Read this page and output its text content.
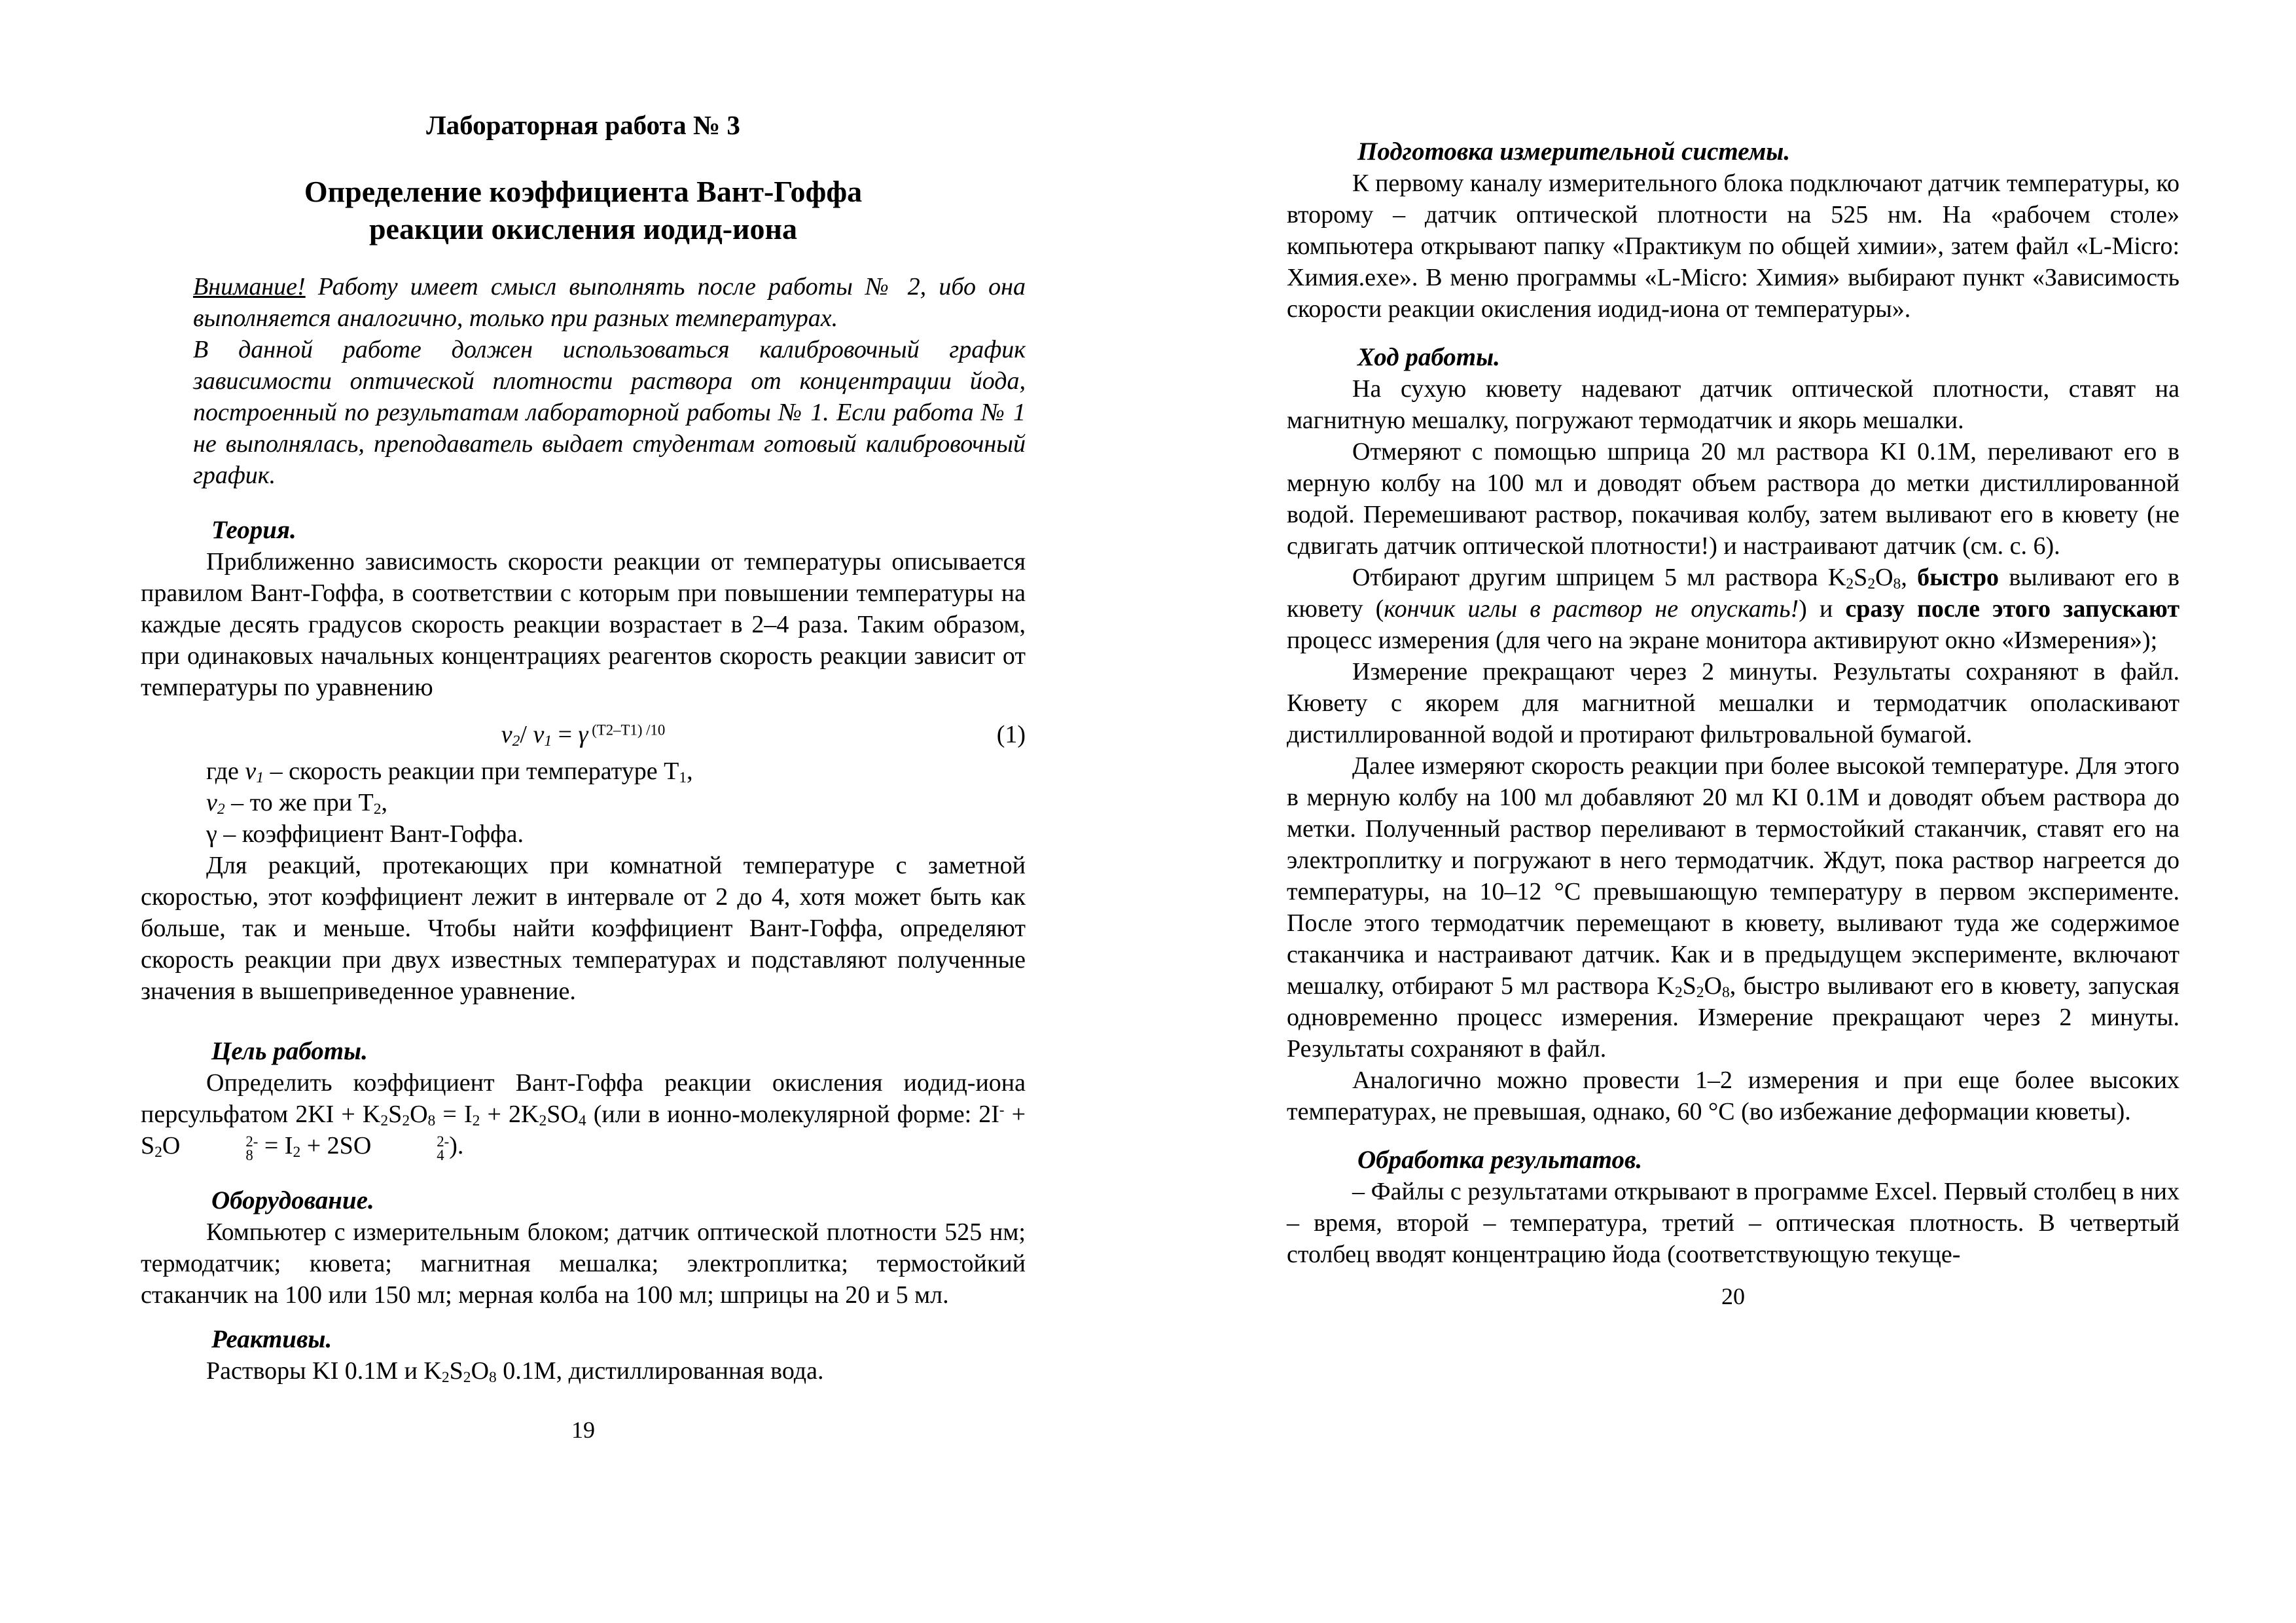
Лабораторная работа № 3
Определение коэффициента Вант-Гоффа
реакции окисления иодид-иона

Внимание! Работу имеет смысл выполнять после работы № 2, ибо она выполняется аналогично, только при разных температурах.

В данной работе должен использоваться калибровочный график зависимости оптической плотности раствора от концентрации йода, построенный по результатам лабораторной работы № 1. Если работа № 1 не выполнялась, преподаватель выдает студентам готовый калибровочный график.

Теория.

Приближенно зависимость скорости реакции от температуры описывается правилом Вант-Гоффа, в соответствии с которым при повышении температуры на каждые десять градусов скорость реакции возрастает в 2–4 раза. Таким образом, при одинаковых начальных концентрациях реагентов скорость реакции зависит от температуры по уравнению

$v_2/$ $v_1 = \gamma$ $^{(T2-T1) /10}$	(1)

где $v_1$ – скорость реакции при температуре $Т_1$,

$v_2$ – то же при $Т_2$,

γ – коэффициент Вант-Гоффа.

Для реакций, протекающих при комнатной температуре с заметной скоростью, этот коэффициент лежит в интервале от 2 до 4, хотя может быть как больше, так и меньше. Чтобы найти коэффициент Вант-Гоффа, определяют скорость реакции при двух известных температурах и подставляют полученные значения в вышеприведенное уравнение.

Цель работы.

Определить коэффициент Вант-Гоффа реакции окисления иодид-иона персульфатом $2KI + K_2S_2O_8 = I_2 + 2K_2SO_4$ (или в ионно-молекулярной форме: $2I^- + S_2O$	2-
$8 = I_2 + 2SO$	2-
4 ).

Оборудование.

Компьютер с измерительным блоком; датчик оптической плотности 525 нм; термодатчик; кювета; магнитная мешалка; электроплитка; термостойкий стаканчик на 100 или 150 мл; мерная колба на 100 мл; шприцы на 20 и 5 мл.

Реактивы.

Растворы KI 0.1M и $K_2S_2O_8$ 0.1M, дистиллированная вода.

19
Подготовка измерительной системы.

К первому каналу измерительного блока подключают датчик температуры, ко второму – датчик оптической плотности на 525 нм. На «рабочем столе» компьютера открывают папку «Практикум по общей химии», затем файл «L-Micro: Химия.exe». В меню программы «L-Micro: Химия» выбирают пункт «Зависимость скорости реакции окисления иодид-иона от температуры».

Ход работы.

На сухую кювету надевают датчик оптической плотности, ставят на магнитную мешалку, погружают термодатчик и якорь мешалки.

Отмеряют с помощью шприца 20 мл раствора KI 0.1М, переливают его в мерную колбу на 100 мл и доводят объем раствора до метки дистиллированной водой. Перемешивают раствор, покачивая колбу, затем выливают его в кювету (не сдвигать датчик оптической плотности!) и настраивают датчик (см. с. 6).

Отбирают другим шприцем 5 мл раствора $K_2S_2O_8$, быстро выливают его в кювету (кончик иглы в раствор не опускать!) и сразу после этого запускают процесс измерения (для чего на экране монитора активируют окно «Измерения»);

Измерение прекращают через 2 минуты. Результаты сохраняют в файл. Кювету с якорем для магнитной мешалки и термодатчик ополаскивают дистиллированной водой и протирают фильтровальной бумагой.

Далее измеряют скорость реакции при более высокой температуре. Для этого в мерную колбу на 100 мл добавляют 20 мл KI 0.1М и доводят объем раствора до метки. Полученный раствор переливают в термостойкий стаканчик, ставят его на электроплитку и погружают в него термодатчик. Ждут, пока раствор нагреется до температуры, на 10–12 °С превышающую температуру в первом эксперименте. После этого термодатчик перемещают в кювету, выливают туда же содержимое стаканчика и настраивают датчик. Как и в предыдущем эксперименте, включают мешалку, отбирают 5 мл раствора $K_2S_2O_8$, быстро выливают его в кювету, запуская одновременно процесс измерения. Измерение прекращают через 2 минуты. Результаты сохраняют в файл.

Аналогично можно провести 1–2 измерения и при еще более высоких температурах, не превышая, однако, 60 °С (во избежание деформации кюветы).

Обработка результатов.

– Файлы с результатами открывают в программе Excel. Первый столбец в них – время, второй – температура, третий – оптическая плотность. В четвертый столбец вводят концентрацию йода (соответствующую текуще-

20
